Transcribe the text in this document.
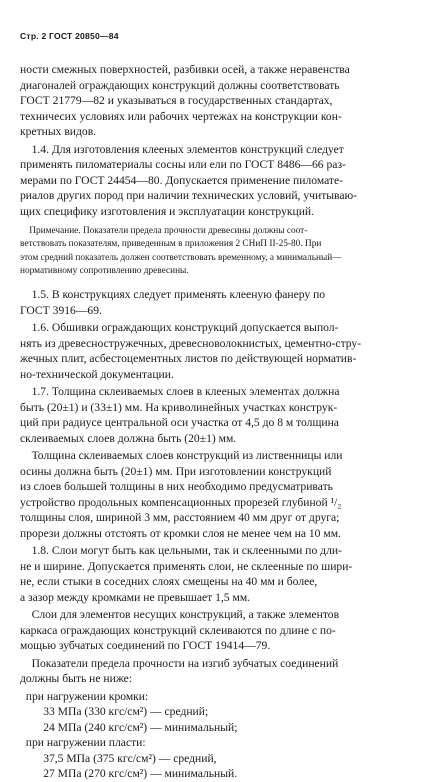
Стр. 2 ГОСТ 20850—84

ности смежных поверхностей, разбивки осей, а также неравенства
диагоналей ограждающих конструкций должны соответствовать
ГОСТ 21779—82 и указываться в государственных стандартах,
техничесих условиях или рабочих чертежах на конструкции кон-
кретных видов.

1.4. Для изготовления клееных элементов конструкций следует
применять пиломатериалы сосны или ели по ГОСТ 8486—66 раз-
мерами по ГОСТ 24454—80. Допускается применение пиломате-
риалов других пород при наличии технических условий, учитываю-
щих специфику изготовления и эксплуатации конструкций.

Примечание. Показатели предела прочности древесины должны соот-
ветствовать показателям, приведенным в приложения 2 СНиП II-25-80. При
этом средний показатель должен соответствовать временному, а минимальный—
нормативному сопротивлению древесины.

1.5. В конструкциях следует применять клееную фанеру по
ГОСТ 3916—69.

1.6. Обшивки ограждающих конструкций допускается выпол-
нять из древесностружечных, древесноволокнистых, цементно-стру-
жечных плит, асбестоцементных листов по действующей норматив-
но-технической документации.

1.7. Толщина склеиваемых слоев в клееных элементах должна
быть (20±1) и (33±1) мм. На криволинейных участках конструк-
ций при радиусе центральной оси участка от 4,5 до 8 м толщина
склеиваемых слоев должна быть (20±1) мм.

Толщина склеиваемых слоев конструкций из лиственницы или
осины должна быть (20±1) мм. При изготовлении конструкций
из слоев большей толщины в них необходимо предусматривать
устройство продольных компенсационных прорезей глубиной ¹/₂
толщины слоя, шириной 3 мм, расстоянием 40 мм друг от друга;
прорези должны отстоять от кромки слоя не менее чем на 10 мм.

1.8. Слои могут быть как цельными, так и склеенными по дли-
не и ширине. Допускается применять слои, не склеенные по шири-
не, если стыки в соседних слоях смещены на 40 мм и более,
а зазор между кромками не превышает 1,5 мм.

Слои для элементов несущих конструкций, а также элементов
каркаса ограждающих конструкций склеиваются по длине с по-
мощью зубчатых соединений по ГОСТ 19414—79.

Показатели предела прочности на изгиб зубчатых соединений
должны быть не ниже:

при нагружении кромки:
33 МПа (330 кгс/см²) — средний;
24 МПа (240 кгс/см²) — минимальный;
при нагружении пласти:
37,5 МПа (375 кгс/см²) — средний,
27 МПа (270 кгс/см²) — минимальный.
